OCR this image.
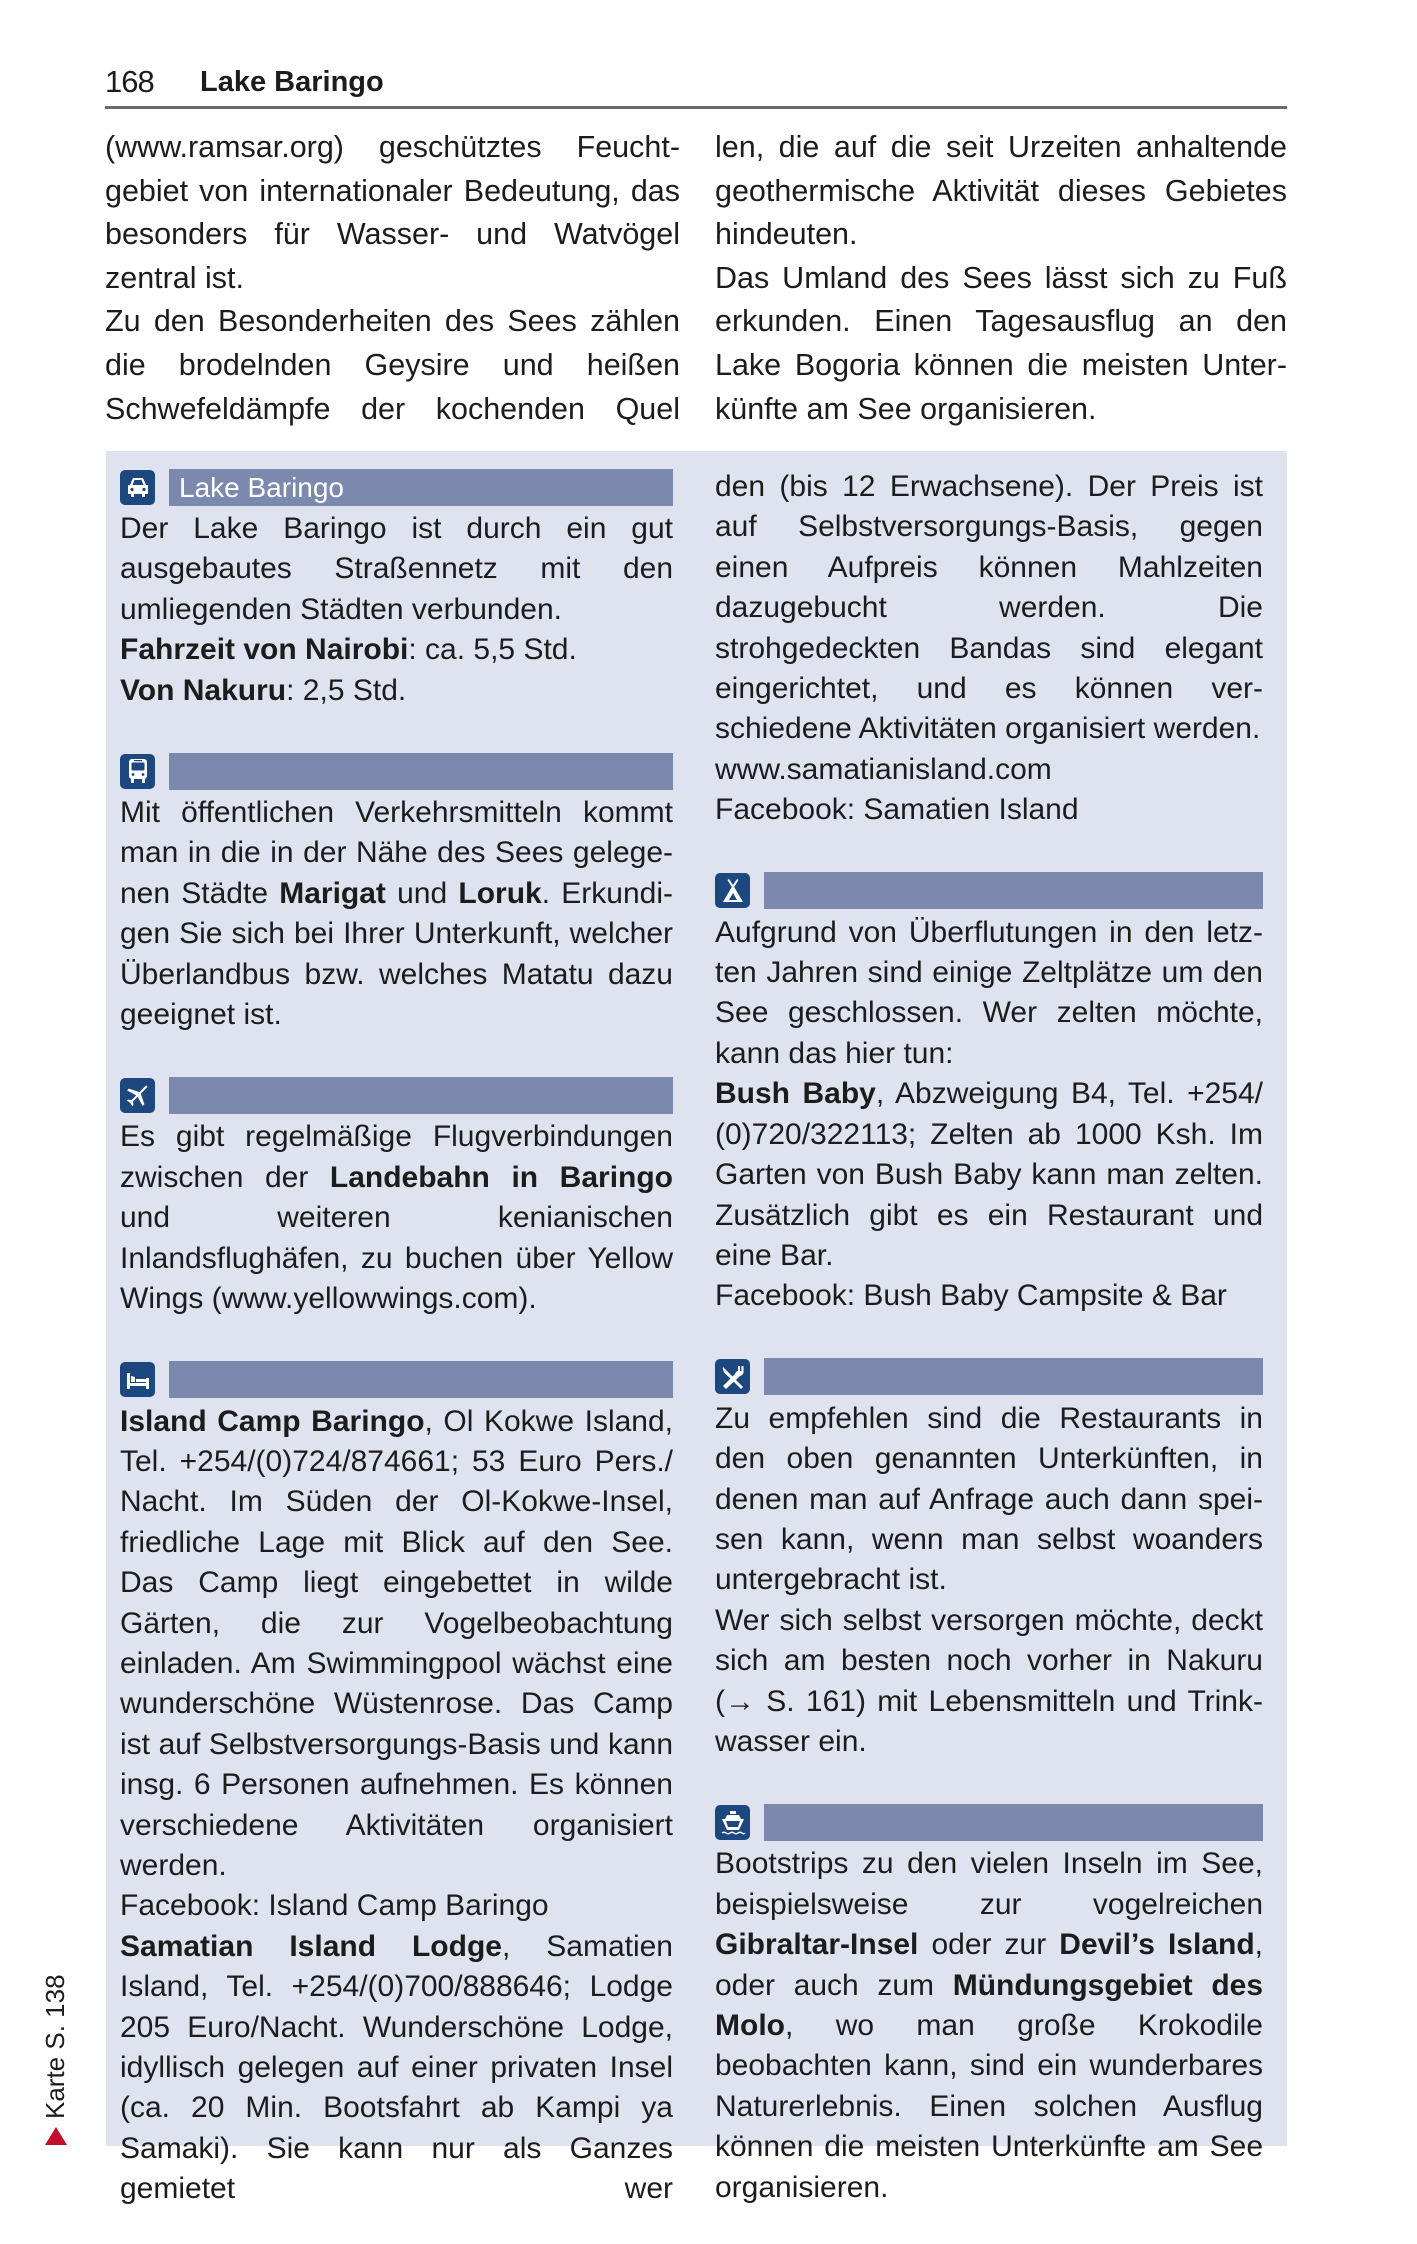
168 Lake Baringo

(www.ramsar.org) geschütztes Feuchtgebiet von internationaler Bedeutung, das besonders für Wasser- und Watvögel zentral ist.

Zu den Besonderheiten des Sees zählen die brodelnden Geysire und heißen Schwefeldämpfe der kochenden Quel

len, die auf die seit Urzeiten anhaltende geothermische Aktivität dieses Gebietes hindeuten.

Das Umland des Sees lässt sich zu Fuß erkunden. Einen Tagesausflug an den Lake Bogoria können die meisten Unterkünfte am See organisieren.

Lake Baringo

Der Lake Baringo ist durch ein gut ausgebautes Straßennetz mit den umliegenden Städten verbunden.

Fahrzeit von Nairobi: ca. 5,5 Std.

Von Nakuru: 2,5 Std.

Mit öffentlichen Verkehrsmitteln kommt man in die in der Nähe des Sees gelegenen Städte Marigat und Loruk. Erkundigen Sie sich bei Ihrer Unterkunft, welcher Überlandbus bzw. welches Matatu dazu geeignet ist.

Es gibt regelmäßige Flugverbindungen zwischen der Landebahn in Baringo und weiteren kenianischen Inlandsflughäfen, zu buchen über Yellow Wings (www.yellowwings.com).

Island Camp Baringo, Ol Kokwe Island, Tel. +254/(0)724/874661; 53 Euro Pers./ Nacht. Im Süden der Ol-Kokwe-Insel, friedliche Lage mit Blick auf den See. Das Camp liegt eingebettet in wilde Gärten, die zur Vogelbeobachtung einladen. Am Swimmingpool wächst eine wunderschöne Wüstenrose. Das Camp ist auf Selbstversorgungs-Basis und kann insg. 6 Personen aufnehmen. Es können verschiedene Aktivitäten organisiert werden.

Facebook: Island Camp Baringo

Samatian Island Lodge, Samatien Island, Tel. +254/(0)700/888646; Lodge 205 Euro/Nacht. Wunderschöne Lodge, idyllisch gelegen auf einer privaten Insel (ca. 20 Min. Bootsfahrt ab Kampi ya Samaki). Sie kann nur als Ganzes gemietet wer

den (bis 12 Erwachsene). Der Preis ist auf Selbstversorgungs-Basis, gegen einen Aufpreis können Mahlzeiten dazugebucht werden. Die strohgedeckten Bandas sind elegant eingerichtet, und es können verschiedene Aktivitäten organisiert werden.

www.samatianisland.com

Facebook: Samatien Island

Aufgrund von Überflutungen in den letzten Jahren sind einige Zeltplätze um den See geschlossen. Wer zelten möchte, kann das hier tun:

Bush Baby, Abzweigung B4, Tel. +254/ (0)720/322113; Zelten ab 1000 Ksh. Im Garten von Bush Baby kann man zelten. Zusätzlich gibt es ein Restaurant und eine Bar.

Facebook: Bush Baby Campsite & Bar

Zu empfehlen sind die Restaurants in den oben genannten Unterkünften, in denen man auf Anfrage auch dann speisen kann, wenn man selbst woanders untergebracht ist.

Wer sich selbst versorgen möchte, deckt sich am besten noch vorher in Nakuru (→ S. 161) mit Lebensmitteln und Trinkwasser ein.

Bootstrips zu den vielen Inseln im See, beispielsweise zur vogelreichen Gibraltar-Insel oder zur Devil’s Island, oder auch zum Mündungsgebiet des Molo, wo man große Krokodile beobachten kann, sind ein wunderbares Naturerlebnis. Einen solchen Ausflug können die meisten Unterkünfte am See organisieren.

Karte S. 138
